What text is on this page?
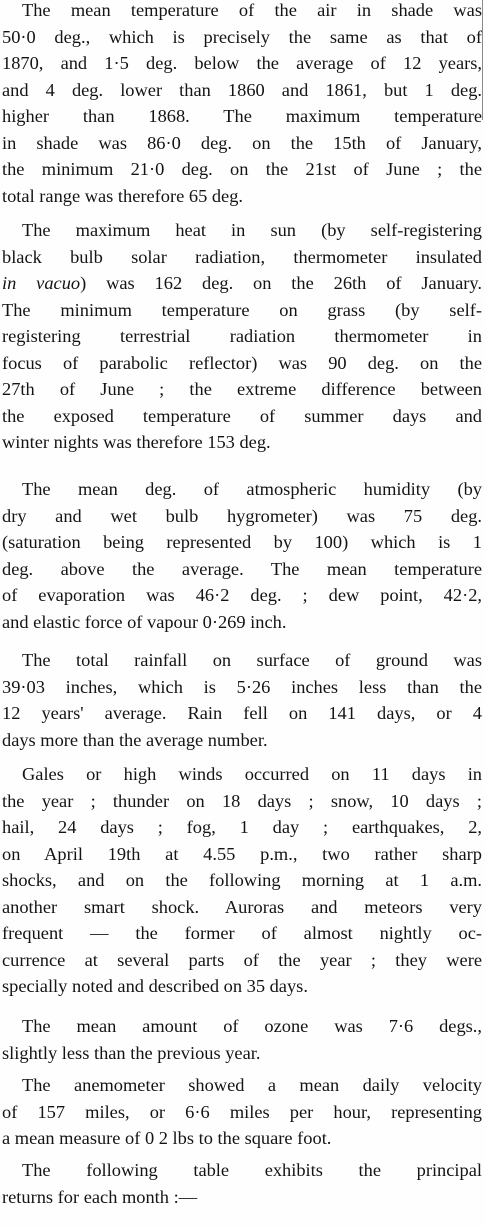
The mean temperature of the air in shade was
50·0 deg., which is precisely the same as that of
1870, and 1·5 deg. below the average of 12 years,
and 4 deg. lower than 1860 and 1861, but 1 deg.
higher than 1868. The maximum temperature
in shade was 86·0 deg. on the 15th of January,
the minimum 21·0 deg. on the 21st of June ; the
total range was therefore 65 deg.
The maximum heat in sun (by self-registering
black bulb solar radiation, thermometer insulated
in vacuo) was 162 deg. on the 26th of January.
The minimum temperature on grass (by self-
registering terrestrial radiation thermometer in
focus of parabolic reflector) was 90 deg. on the
27th of June ; the extreme difference between
the exposed temperature of summer days and
winter nights was therefore 153 deg.
The mean deg. of atmospheric humidity (by
dry and wet bulb hygrometer) was 75 deg.
(saturation being represented by 100) which is 1
deg. above the average. The mean temperature
of evaporation was 46·2 deg. ; dew point, 42·2,
and elastic force of vapour 0·269 inch.
The total rainfall on surface of ground was
39·03 inches, which is 5·26 inches less than the
12 years' average. Rain fell on 141 days, or 4
days more than the average number.
Gales or high winds occurred on 11 days in
the year ; thunder on 18 days ; snow, 10 days ;
hail, 24 days ; fog, 1 day ; earthquakes, 2,
on April 19th at 4.55 p.m., two rather sharp
shocks, and on the following morning at 1 a.m.
another smart shock. Auroras and meteors very
frequent — the former of almost nightly oc-
currence at several parts of the year ; they were
specially noted and described on 35 days.
The mean amount of ozone was 7·6 degs.,
slightly less than the previous year.
The anemometer showed a mean daily velocity
of 157 miles, or 6·6 miles per hour, representing
a mean measure of 0 2 lbs to the square foot.
The following table exhibits the principal
returns for each month :—
